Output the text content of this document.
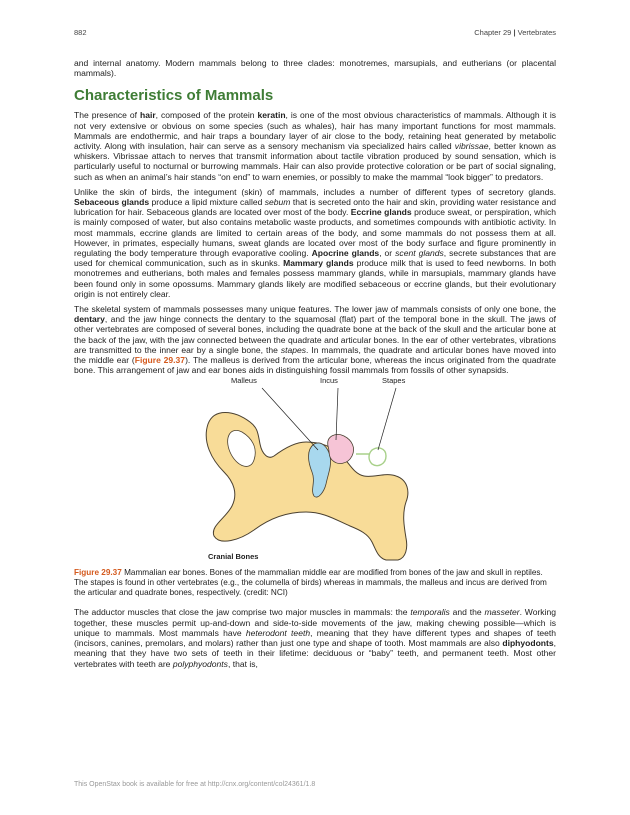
882	Chapter 29 | Vertebrates

and internal anatomy. Modern mammals belong to three clades: monotremes, marsupials, and eutherians (or placental mammals).

Characteristics of Mammals

The presence of hair, composed of the protein keratin, is one of the most obvious characteristics of mammals. Although it is not very extensive or obvious on some species (such as whales), hair has many important functions for most mammals. Mammals are endothermic, and hair traps a boundary layer of air close to the body, retaining heat generated by metabolic activity. Along with insulation, hair can serve as a sensory mechanism via specialized hairs called vibrissae, better known as whiskers. Vibrissae attach to nerves that transmit information about tactile vibration produced by sound sensation, which is particularly useful to nocturnal or burrowing mammals. Hair can also provide protective coloration or be part of social signaling, such as when an animal’s hair stands “on end” to warn enemies, or possibly to make the mammal “look bigger” to predators.

Unlike the skin of birds, the integument (skin) of mammals, includes a number of different types of secretory glands. Sebaceous glands produce a lipid mixture called sebum that is secreted onto the hair and skin, providing water resistance and lubrication for hair. Sebaceous glands are located over most of the body. Eccrine glands produce sweat, or perspiration, which is mainly composed of water, but also contains metabolic waste products, and sometimes compounds with antibiotic activity. In most mammals, eccrine glands are limited to certain areas of the body, and some mammals do not possess them at all. However, in primates, especially humans, sweat glands are located over most of the body surface and figure prominently in regulating the body temperature through evaporative cooling. Apocrine glands, or scent glands, secrete substances that are used for chemical communication, such as in skunks. Mammary glands produce milk that is used to feed newborns. In both monotremes and eutherians, both males and females possess mammary glands, while in marsupials, mammary glands have been found only in some opossums. Mammary glands likely are modified sebaceous or eccrine glands, but their evolutionary origin is not entirely clear.

The skeletal system of mammals possesses many unique features. The lower jaw of mammals consists of only one bone, the dentary, and the jaw hinge connects the dentary to the squamosal (flat) part of the temporal bone in the skull. The jaws of other vertebrates are composed of several bones, including the quadrate bone at the back of the skull and the articular bone at the back of the jaw, with the jaw connected between the quadrate and articular bones. In the ear of other vertebrates, vibrations are transmitted to the inner ear by a single bone, the stapes. In mammals, the quadrate and articular bones have moved into the middle ear (Figure 29.37). The malleus is derived from the articular bone, whereas the incus originated from the quadrate bone. This arrangement of jaw and ear bones aids in distinguishing fossil mammals from fossils of other synapsids.

Malleus	Incus	Stapes
Cranial Bones

Figure 29.37 Mammalian ear bones. Bones of the mammalian middle ear are modified from bones of the jaw and skull in reptiles. The stapes is found in other vertebrates (e.g., the columella of birds) whereas in mammals, the malleus and incus are derived from the articular and quadrate bones, respectively. (credit: NCI)

The adductor muscles that close the jaw comprise two major muscles in mammals: the temporalis and the masseter. Working together, these muscles permit up-and-down and side-to-side movements of the jaw, making chewing possible—which is unique to mammals. Most mammals have heterodont teeth, meaning that they have different types and shapes of teeth (incisors, canines, premolars, and molars) rather than just one type and shape of tooth. Most mammals are also diphyodonts, meaning that they have two sets of teeth in their lifetime: deciduous or “baby” teeth, and permanent teeth. Most other vertebrates with teeth are polyphyodonts, that is,

This OpenStax book is available for free at http://cnx.org/content/col24361/1.8
